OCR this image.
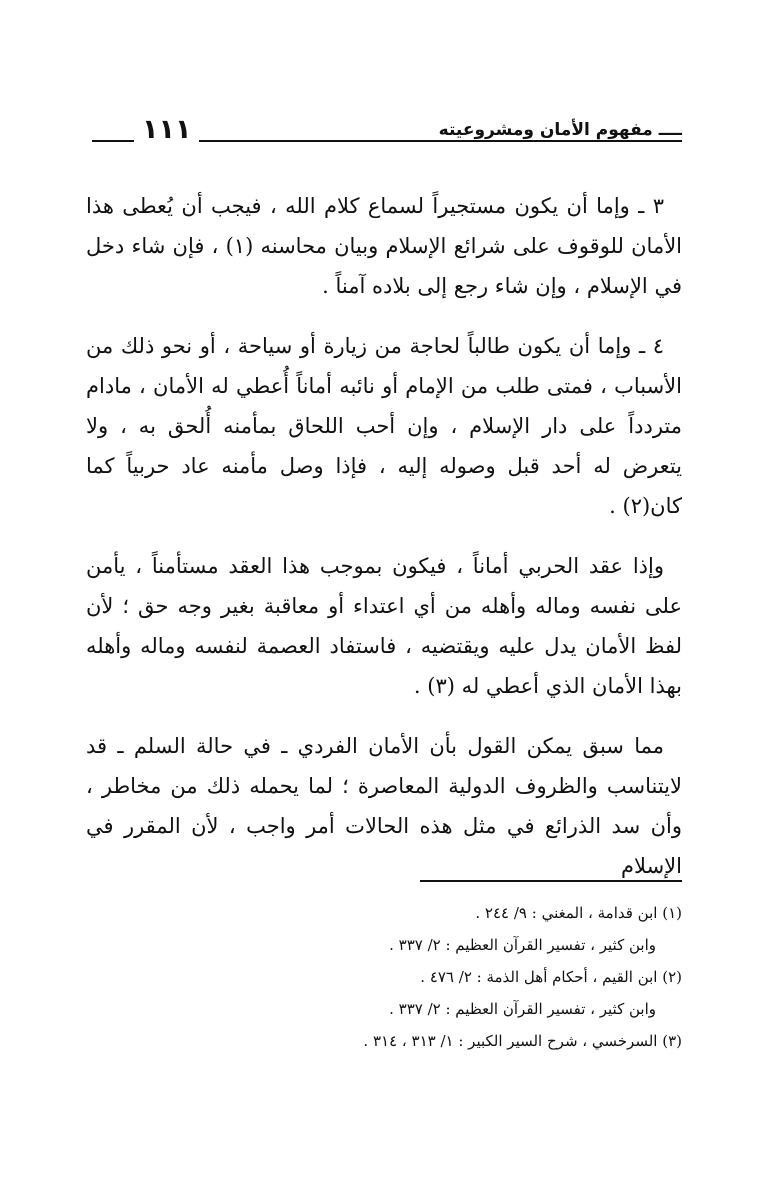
ــــ مفهوم الأمان ومشروعيته
١١١

٣ ـ وإما أن يكون مستجيراً لسماع كلام الله ، فيجب أن يُعطى هذا الأمان للوقوف على شرائع الإسلام وبيان محاسنه (١) ، فإن شاء دخل في الإسلام ، وإن شاء رجع إلى بلاده آمناً .

٤ ـ وإما أن يكون طالباً لحاجة من زيارة أو سياحة ، أو نحو ذلك من الأسباب ، فمتى طلب من الإمام أو نائبه أماناً أُعطي له الأمان ، مادام متردداً على دار الإسلام ، وإن أحب اللحاق بمأمنه أُلحق به ، ولا يتعرض له أحد قبل وصوله إليه ، فإذا وصل مأمنه عاد حربياً كما كان(٢) .

وإذا عقد الحربي أماناً ، فيكون بموجب هذا العقد مستأمناً ، يأمن على نفسه وماله وأهله من أي اعتداء أو معاقبة بغير وجه حق ؛ لأن لفظ الأمان يدل عليه ويقتضيه ، فاستفاد العصمة لنفسه وماله وأهله بهذا الأمان الذي أعطي له (٣) .

مما سبق يمكن القول بأن الأمان الفردي ـ في حالة السلم ـ قد لايتناسب والظروف الدولية المعاصرة ؛ لما يحمله ذلك من مخاطر ، وأن سد الذرائع في مثل هذه الحالات أمر واجب ، لأن المقرر في الإسلام

(١) ابن قدامة ، المغني : ٩/ ٢٤٤ .
وابن كثير ، تفسير القرآن العظيم : ٢/ ٣٣٧ .
(٢) ابن القيم ، أحكام أهل الذمة : ٢/ ٤٧٦ .
وابن كثير ، تفسير القرآن العظيم : ٢/ ٣٣٧ .
(٣) السرخسي ، شرح السير الكبير : ١/ ٣١٣ ، ٣١٤ .
